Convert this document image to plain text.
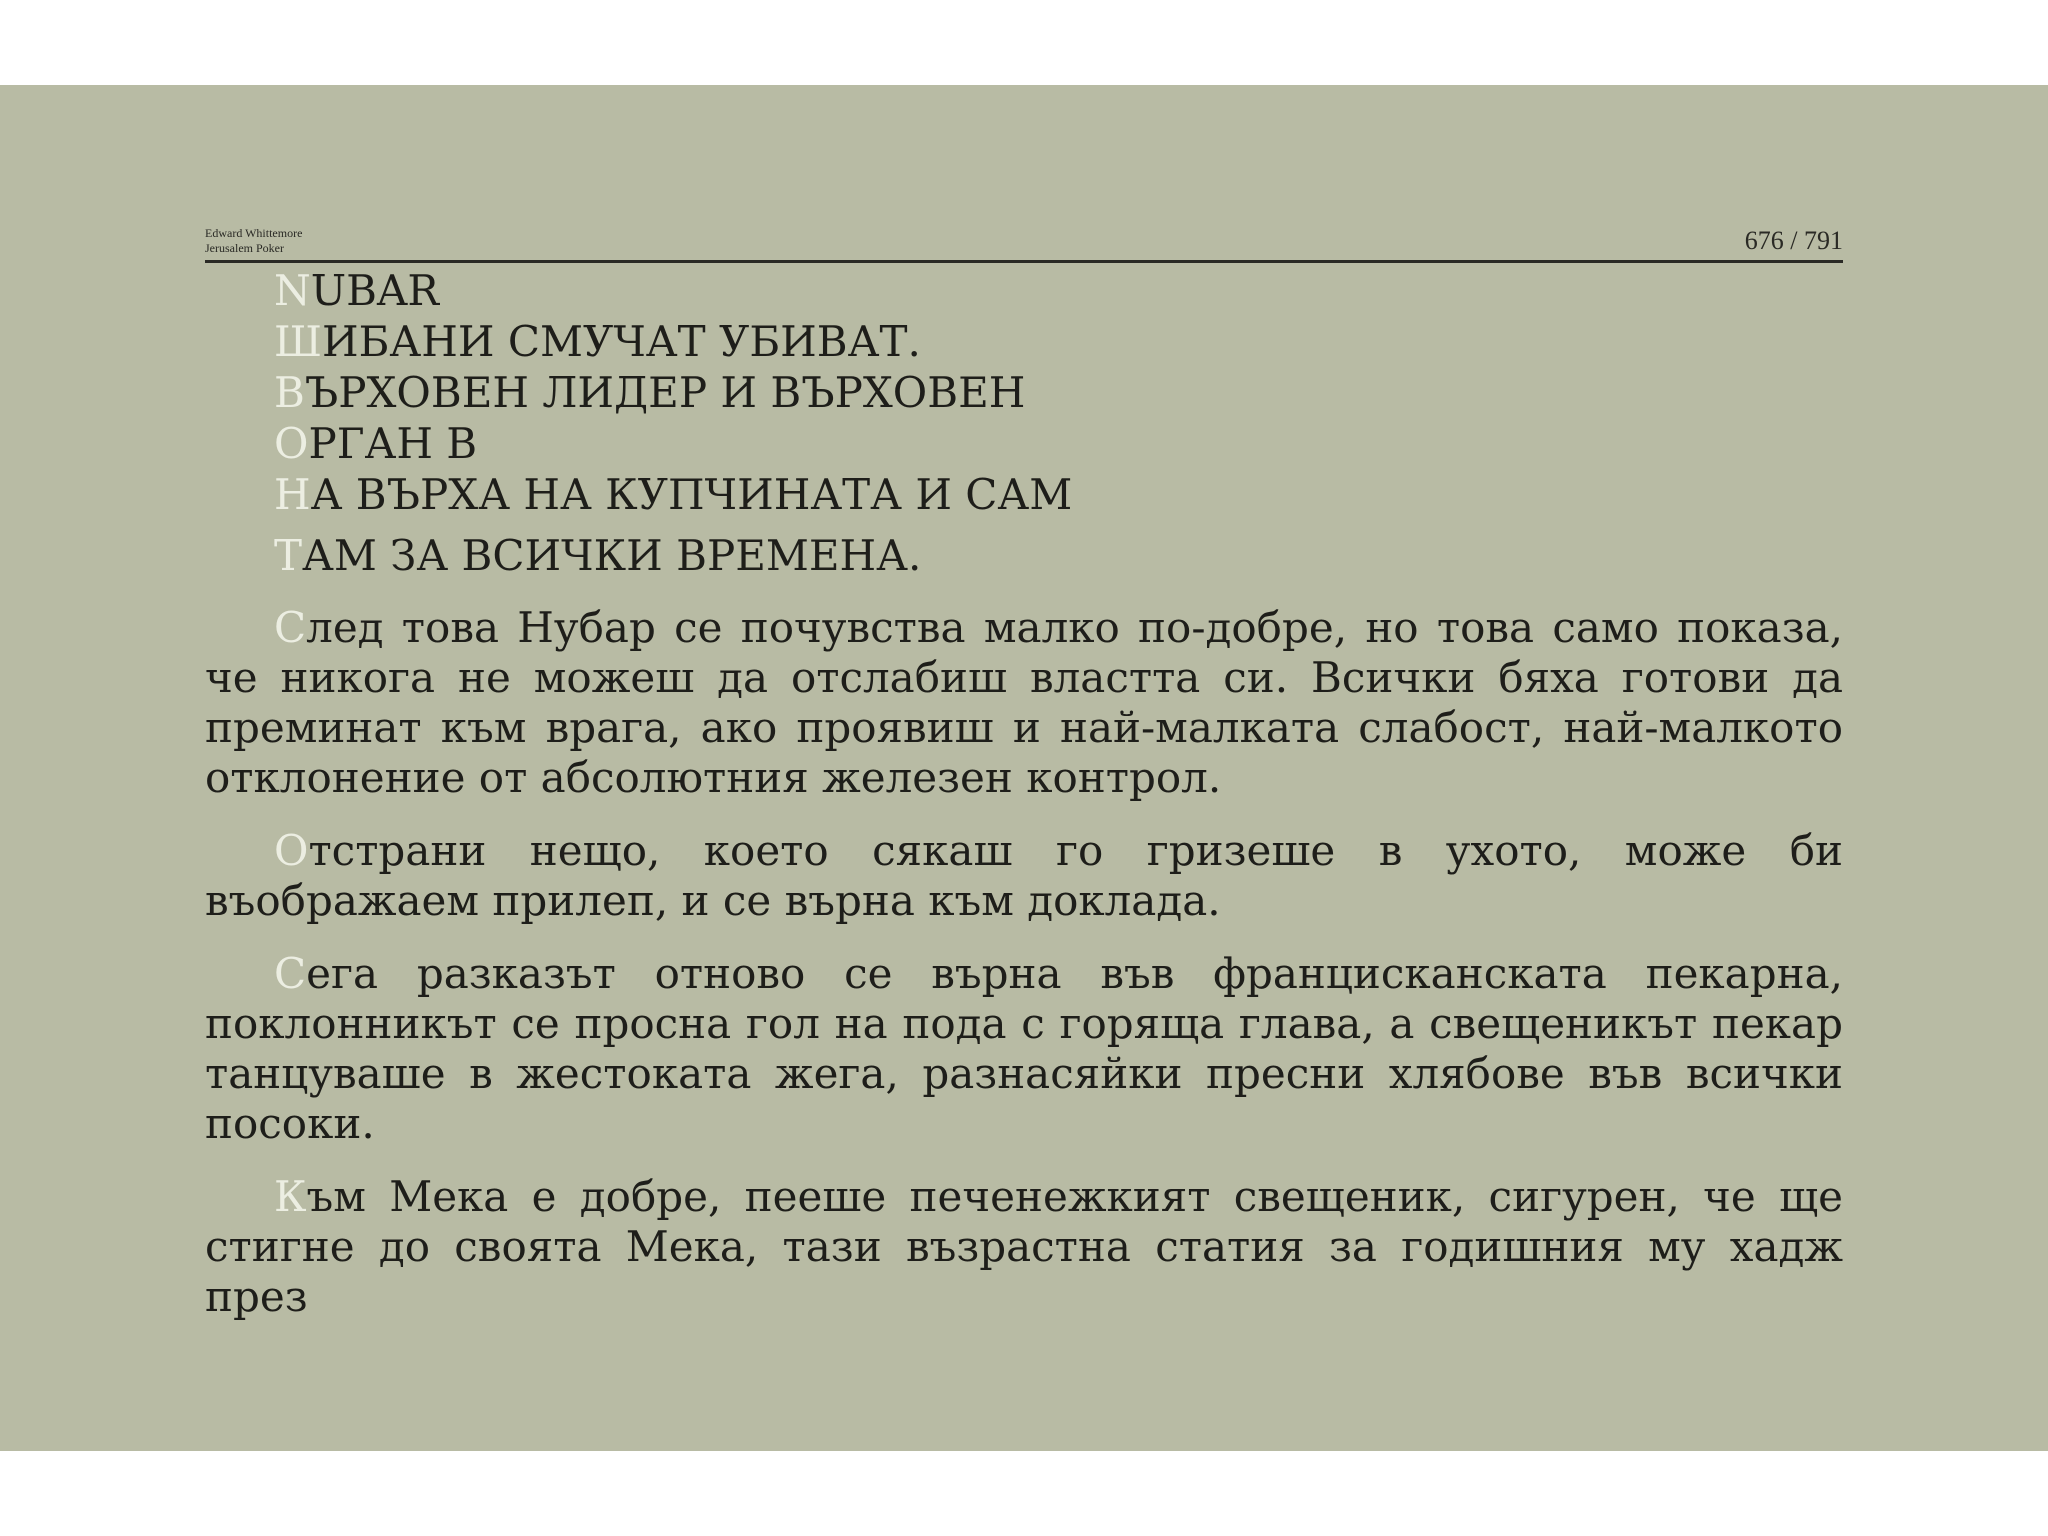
Edward Whittemore
Jerusalem Poker	676 / 791
NUBAR
ШИБАНИ СМУЧАТ УБИВАТ.
ВЪРХОВЕН ЛИДЕР И ВЪРХОВЕН
ОРГАН В
НА ВЪРХА НА КУПЧИНАТА И САМ
ТАМ ЗА ВСИЧКИ ВРЕМЕНА.

След това Нубар се почувства малко по-добре, но това само показа, че никога не можеш да отслабиш властта си. Всички бяха готови да преминат към врага, ако проявиш и най-малката слабост, най-малкото отклонение от абсолютния железен контрол.

Отстрани нещо, което сякаш го гризеше в ухото, може би въображаем прилеп, и се върна към доклада.

Сега разказът отново се върна във францисканската пекарна, поклонникът се просна гол на пода с горяща глава, а свещеникът пекар танцуваше в жестоката жега, разнасяйки пресни хлябове във всички посоки.

Към Мека е добре, пееше печенежкият свещеник, сигурен, че ще стигне до своята Мека, тази възрастна статия за годишния му хадж през
